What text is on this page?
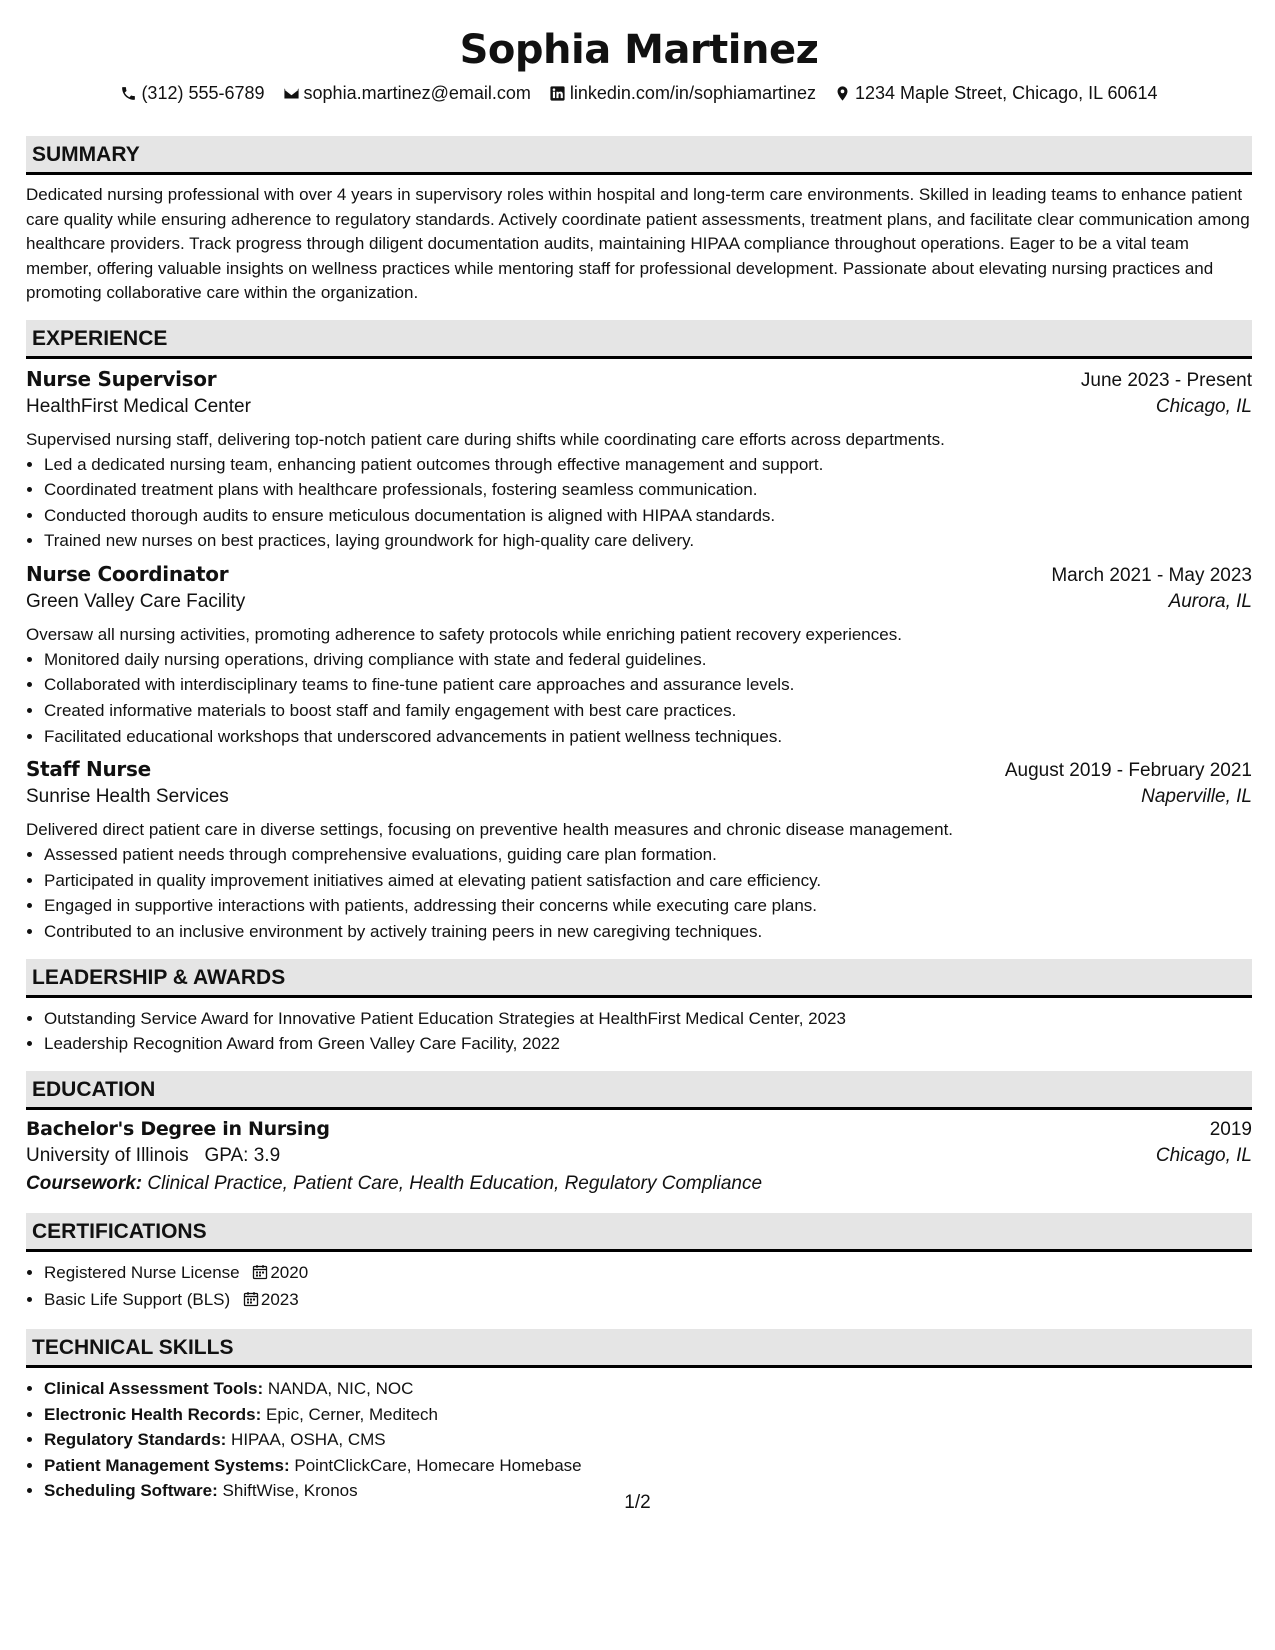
Sophia Martinez
(312) 555-6789 sophia.martinez@email.com linkedin.com/in/sophiamartinez 1234 Maple Street, Chicago, IL 60614
SUMMARY
Dedicated nursing professional with over 4 years in supervisory roles within hospital and long-term care environments. Skilled in leading teams to enhance patient care quality while ensuring adherence to regulatory standards. Actively coordinate patient assessments, treatment plans, and facilitate clear communication among healthcare providers. Track progress through diligent documentation audits, maintaining HIPAA compliance throughout operations. Eager to be a vital team member, offering valuable insights on wellness practices while mentoring staff for professional development. Passionate about elevating nursing practices and promoting collaborative care within the organization.
EXPERIENCE
Nurse Supervisor	June 2023 - Present
HealthFirst Medical Center	Chicago, IL
Supervised nursing staff, delivering top-notch patient care during shifts while coordinating care efforts across departments.
• Led a dedicated nursing team, enhancing patient outcomes through effective management and support.
• Coordinated treatment plans with healthcare professionals, fostering seamless communication.
• Conducted thorough audits to ensure meticulous documentation is aligned with HIPAA standards.
• Trained new nurses on best practices, laying groundwork for high-quality care delivery.
Nurse Coordinator	March 2021 - May 2023
Green Valley Care Facility	Aurora, IL
Oversaw all nursing activities, promoting adherence to safety protocols while enriching patient recovery experiences.
• Monitored daily nursing operations, driving compliance with state and federal guidelines.
• Collaborated with interdisciplinary teams to fine-tune patient care approaches and assurance levels.
• Created informative materials to boost staff and family engagement with best care practices.
• Facilitated educational workshops that underscored advancements in patient wellness techniques.
Staff Nurse	August 2019 - February 2021
Sunrise Health Services	Naperville, IL
Delivered direct patient care in diverse settings, focusing on preventive health measures and chronic disease management.
• Assessed patient needs through comprehensive evaluations, guiding care plan formation.
• Participated in quality improvement initiatives aimed at elevating patient satisfaction and care efficiency.
• Engaged in supportive interactions with patients, addressing their concerns while executing care plans.
• Contributed to an inclusive environment by actively training peers in new caregiving techniques.
LEADERSHIP & AWARDS
• Outstanding Service Award for Innovative Patient Education Strategies at HealthFirst Medical Center, 2023
• Leadership Recognition Award from Green Valley Care Facility, 2022
EDUCATION
Bachelor's Degree in Nursing	2019
University of Illinois GPA: 3.9	Chicago, IL
Coursework: Clinical Practice, Patient Care, Health Education, Regulatory Compliance
CERTIFICATIONS
• Registered Nurse License 2020
• Basic Life Support (BLS) 2023
TECHNICAL SKILLS
• Clinical Assessment Tools: NANDA, NIC, NOC
• Electronic Health Records: Epic, Cerner, Meditech
• Regulatory Standards: HIPAA, OSHA, CMS
• Patient Management Systems: PointClickCare, Homecare Homebase
• Scheduling Software: ShiftWise, Kronos
1/2
